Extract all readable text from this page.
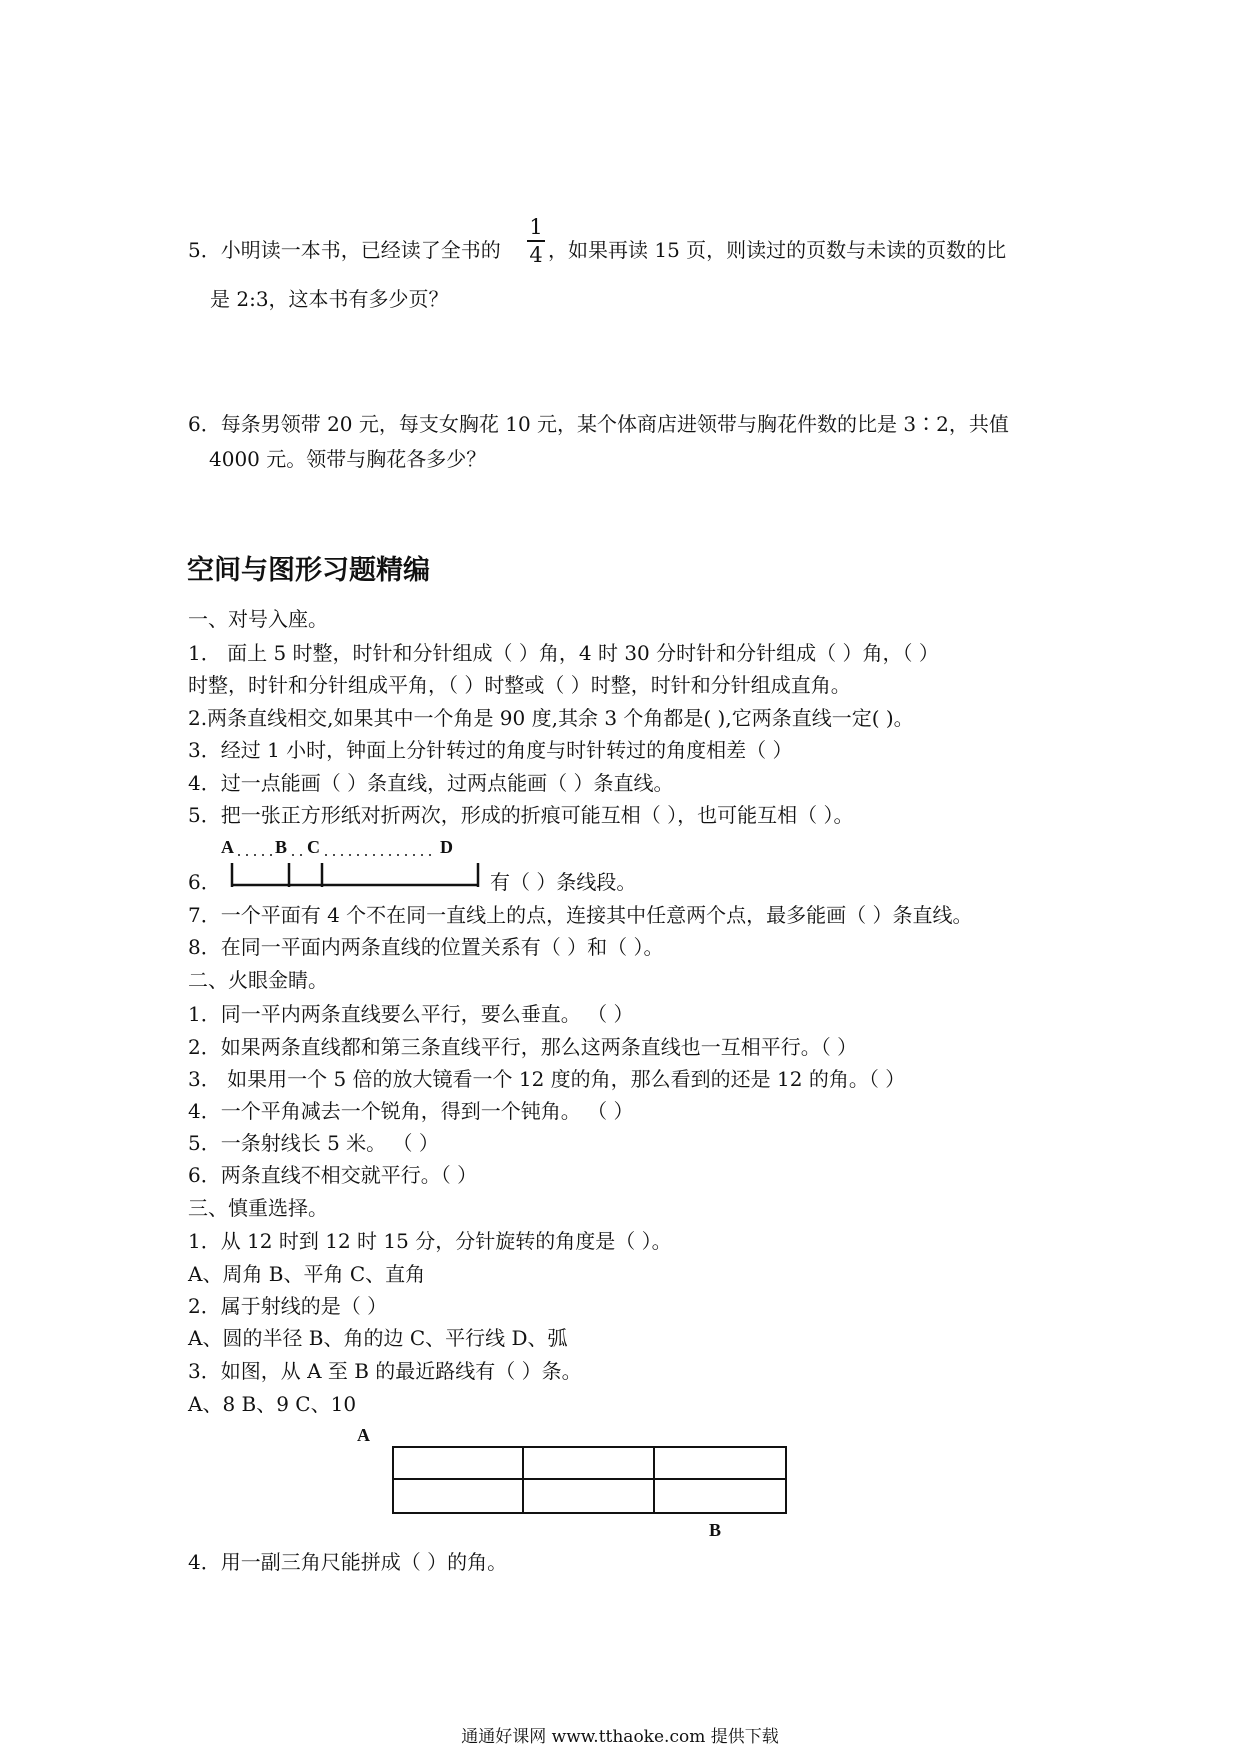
5．小明读一本书，已经读了全书的
1
4 ，如果再读 15 页，则读过的页数与未读的页数的比
是 2:3，这本书有多少页？
6．每条男领带 20 元，每支女胸花 10 元，某个体商店进领带与胸花件数的比是 3∶2，共值
4000 元。领带与胸花各多少？
空间与图形习题精编
一、对号入座。
1． 面上 5 时整，时针和分针组成（ ）角，4 时 30 分时针和分针组成（ ）角，（ ）
时整，时针和分针组成平角，（ ）时整或（ ）时整，时针和分针组成直角。
2.两条直线相交,如果其中一个角是 90 度,其余 3 个角都是( ),它两条直线一定( )。
3．经过 1 小时，钟面上分针转过的角度与时针转过的角度相差（ ）
4．过一点能画（ ）条直线，过两点能画（ ）条直线。
5．把一张正方形纸对折两次，形成的折痕可能互相（ ），也可能互相（ ）。
A B C	D
6．	有（ ）条线段。
7．一个平面有 4 个不在同一直线上的点，连接其中任意两个点，最多能画（ ）条直线。
8．在同一平面内两条直线的位置关系有（ ）和（ ）。
二、火眼金睛。
1．同一平内两条直线要么平行，要么垂直。 （ ）
2．如果两条直线都和第三条直线平行，那么这两条直线也一互相平行。（ ）
3． 如果用一个 5 倍的放大镜看一个 12 度的角，那么看到的还是 12 的角。（ ）
4．一个平角减去一个锐角，得到一个钝角。 （ ）
5．一条射线长 5 米。 （ ）
6．两条直线不相交就平行。（ ）
三、慎重选择。
1．从 12 时到 12 时 15 分，分针旋转的角度是（ ）。
A、周角 B、平角 C、直角
2．属于射线的是（ ）
A、圆的半径 B、角的边 C、平行线 D、弧
3．如图，从 A 至 B 的最近路线有（ ）条。
A、8 B、9 C、10
A
B
4．用一副三角尺能拼成（ ）的角。
通通好课网 www.tthaoke.com 提供下载
